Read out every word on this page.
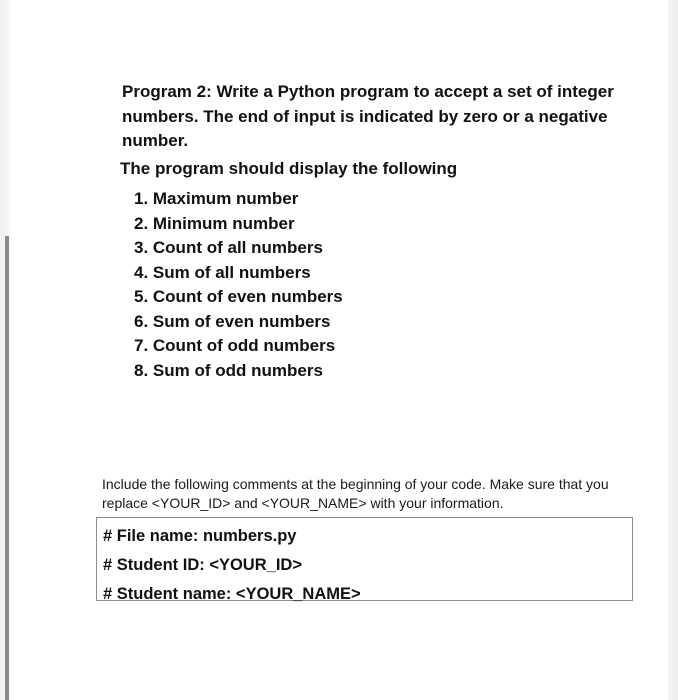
Program 2: Write a Python program to accept a set of integer numbers. The end of input is indicated by zero or a negative number.

The program should display the following

1. Maximum number
2. Minimum number
3. Count of all numbers
4. Sum of all numbers
5. Count of even numbers
6. Sum of even numbers
7. Count of odd numbers
8. Sum of odd numbers

Include the following comments at the beginning of your code. Make sure that you replace <YOUR_ID> and <YOUR_NAME> with your information.

# File name: numbers.py
# Student ID: <YOUR_ID>
# Student name: <YOUR_NAME>
